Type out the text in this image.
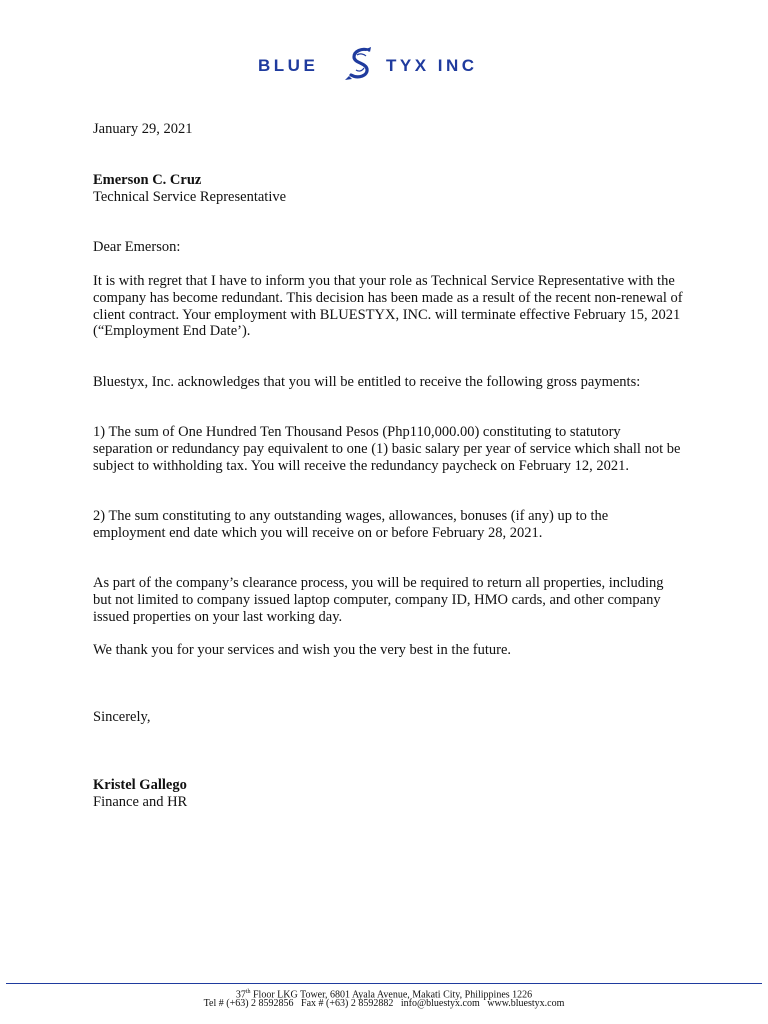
BLUE	TYX INC

January 29, 2021

Emerson C. Cruz

Technical Service Representative

Dear Emerson:

It is with regret that I have to inform you that your role as Technical Service Representative with the company has become redundant. This decision has been made as a result of the recent non-renewal of client contract. Your employment with BLUESTYX, INC. will terminate effective February 15, 2021 (“Employment End Date’).

Bluestyx, Inc. acknowledges that you will be entitled to receive the following gross payments:

1) The sum of One Hundred Ten Thousand Pesos (Php110,000.00) constituting to statutory separation or redundancy pay equivalent to one (1) basic salary per year of service which shall not be subject to withholding tax. You will receive the redundancy paycheck on February 12, 2021.

2) The sum constituting to any outstanding wages, allowances, bonuses (if any) up to the employment end date which you will receive on or before February 28, 2021.

As part of the company’s clearance process, you will be required to return all properties, including but not limited to company issued laptop computer, company ID, HMO cards, and other company issued properties on your last working day.

We thank you for your services and wish you the very best in the future.

Sincerely,

Kristel Gallego

Finance and HR

37th Floor LKG Tower, 6801 Ayala Avenue, Makati City, Philippines 1226
Tel # (+63) 2 8592856   Fax # (+63) 2 8592882   info@bluestyx.com   www.bluestyx.com
